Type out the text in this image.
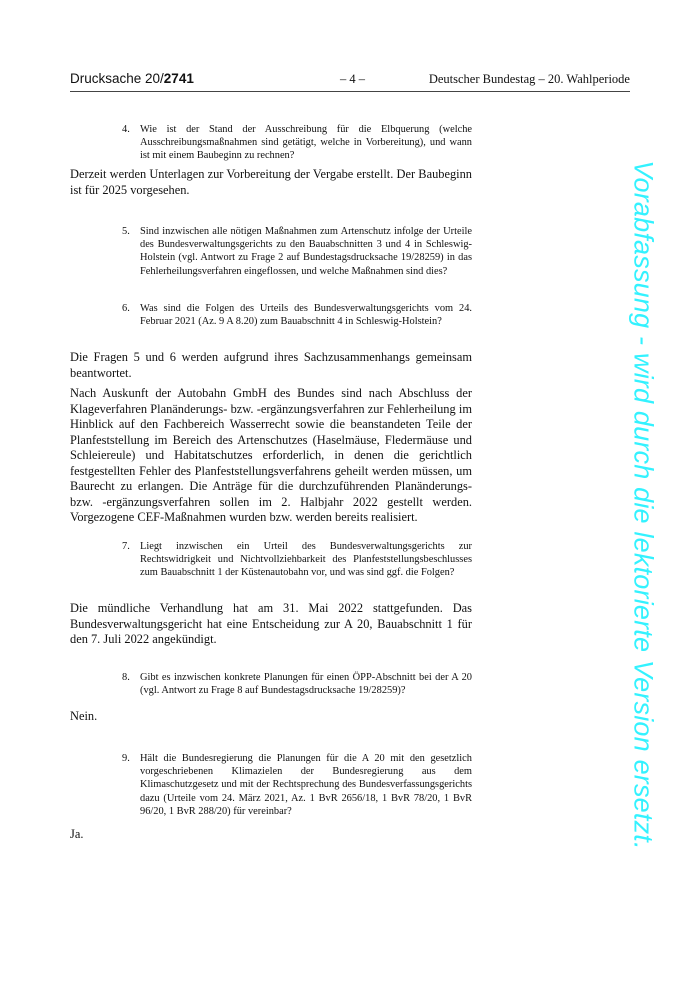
Drucksache 20/2741	– 4 –	Deutscher Bundestag – 20. Wahlperiode
4. Wie ist der Stand der Ausschreibung für die Elbquerung (welche Ausschreibungsmaßnahmen sind getätigt, welche in Vorbereitung), und wann ist mit einem Baubeginn zu rechnen?
Derzeit werden Unterlagen zur Vorbereitung der Vergabe erstellt. Der Baubeginn ist für 2025 vorgesehen.
5. Sind inzwischen alle nötigen Maßnahmen zum Artenschutz infolge der Urteile des Bundesverwaltungsgerichts zu den Bauabschnitten 3 und 4 in Schleswig-Holstein (vgl. Antwort zu Frage 2 auf Bundestagsdrucksache 19/28259) in das Fehlerheilungsverfahren eingeflossen, und welche Maßnahmen sind dies?
6. Was sind die Folgen des Urteils des Bundesverwaltungsgerichts vom 24. Februar 2021 (Az. 9 A 8.20) zum Bauabschnitt 4 in Schleswig-Holstein?
Die Fragen 5 und 6 werden aufgrund ihres Sachzusammenhangs gemeinsam beantwortet.
Nach Auskunft der Autobahn GmbH des Bundes sind nach Abschluss der Klageverfahren Planänderungs- bzw. -ergänzungsverfahren zur Fehlerheilung im Hinblick auf den Fachbereich Wasserrecht sowie die beanstandeten Teile der Planfeststellung im Bereich des Artenschutzes (Haselmäuse, Fledermäuse und Schleiereule) und Habitatschutzes erforderlich, in denen die gerichtlich festgestellten Fehler des Planfeststellungsverfahrens geheilt werden müssen, um Baurecht zu erlangen. Die Anträge für die durchzuführenden Planänderungs- bzw. -ergänzungsverfahren sollen im 2. Halbjahr 2022 gestellt werden. Vorgezogene CEF-Maßnahmen wurden bzw. werden bereits realisiert.
7. Liegt inzwischen ein Urteil des Bundesverwaltungsgerichts zur Rechtswidrigkeit und Nichtvollziehbarkeit des Planfeststellungsbeschlusses zum Bauabschnitt 1 der Küstenautobahn vor, und was sind ggf. die Folgen?
Die mündliche Verhandlung hat am 31. Mai 2022 stattgefunden. Das Bundesverwaltungsgericht hat eine Entscheidung zur A 20, Bauabschnitt 1 für den 7. Juli 2022 angekündigt.
8. Gibt es inzwischen konkrete Planungen für einen ÖPP-Abschnitt bei der A 20 (vgl. Antwort zu Frage 8 auf Bundestagsdrucksache 19/28259)?
Nein.
9. Hält die Bundesregierung die Planungen für die A 20 mit den gesetzlich vorgeschriebenen Klimazielen der Bundesregierung aus dem Klimaschutzgesetz und mit der Rechtsprechung des Bundesverfassungsgerichts dazu (Urteile vom 24. März 2021, Az. 1 BvR 2656/18, 1 BvR 78/20, 1 BvR 96/20, 1 BvR 288/20) für vereinbar?
Ja.	Vorabfassung - wird durch die lektorierte Version ersetzt.
